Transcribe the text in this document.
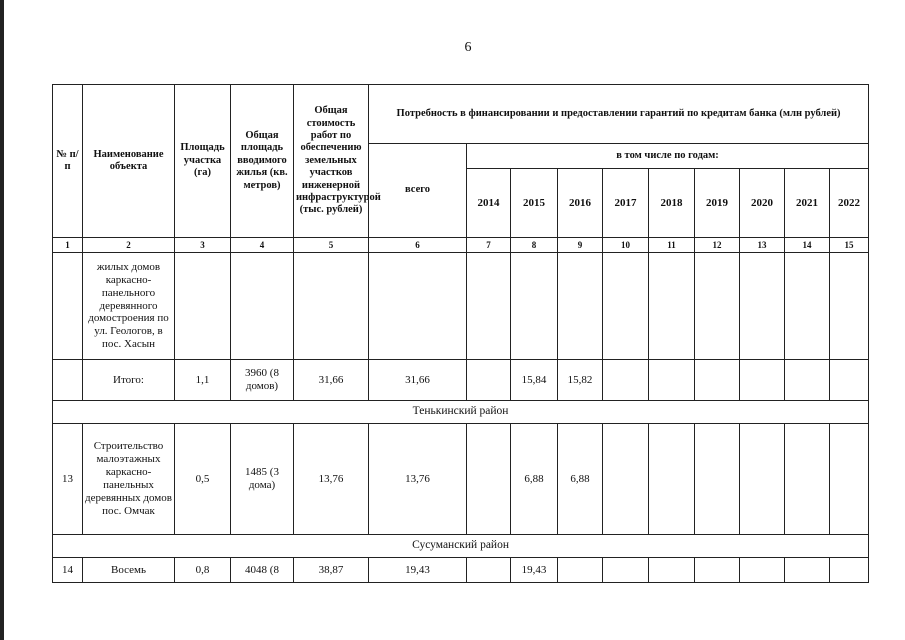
6
№ п/п	Наименование объекта	Площадь участка (га)	Общая площадь вводимого жилья (кв. метров)	Общая стоимость работ по обеспечению земельных участков инженерной инфраструктурой (тыс. рублей)	Потребность в финансировании и предоставлении гарантий по кредитам банка (млн рублей)									
					всего	в том числе по годам:								
						2014	2015	2016	2017	2018	2019	2020	2021	2022
1	2	3	4	5	6	7	8	9	10	11	12	13	14	15
	жилых домов каркасно-панельного деревянного домостроения по ул. Геологов, в пос. Хасын													
	Итого:	1,1	3960 (8 домов)	31,66	31,66		15,84	15,82						
Тенькинский район														
13	Строительство малоэтажных каркасно-панельных деревянных домов пос. Омчак	0,5	1485 (3 дома)	13,76	13,76		6,88	6,88						
Сусуманский район														
14	Восемь	0,8	4048 (8	38,87	19,43		19,43							
